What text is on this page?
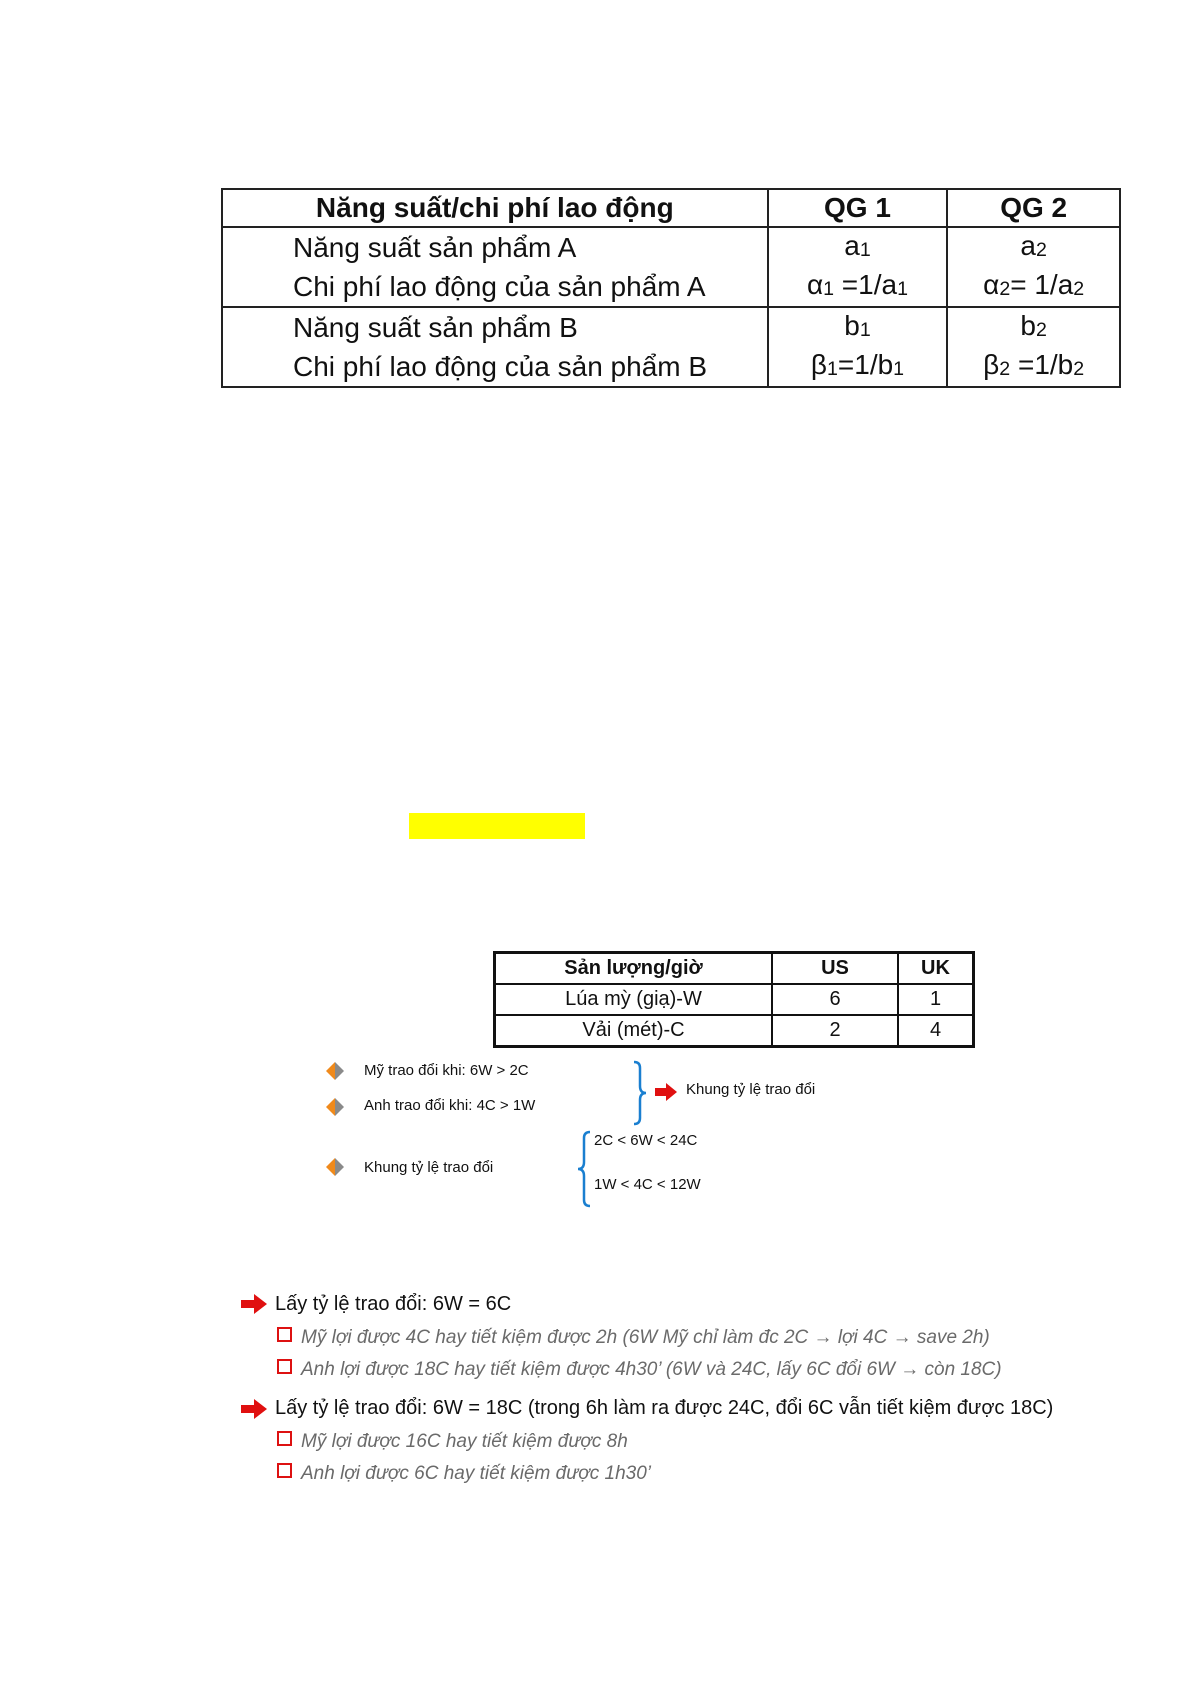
Năng suất/chi phí lao động	QG 1	QG 2
Năng suất sản phẩm A	$a_1$	$a_2$
Chi phí lao động của sản phẩm A	$\alpha_1 =1/a_1$	$\alpha_2= 1/a_2$
Năng suất sản phẩm B	$b_1$	$b_2$
Chi phí lao động của sản phẩm B	$\beta_1=1/b_1$	$\beta_2 =1/b_2$
Sản lượng/giờ	US	UK
Lúa mỳ (giạ)-W	6	1
Vải (mét)-C	2	4
Mỹ trao đổi khi: 6W > 2C
Anh trao đổi khi: 4C > 1W
Khung tỷ lệ trao đổi
Khung tỷ lệ trao đổi
2C < 6W < 24C
1W < 4C < 12W
Lấy tỷ lệ trao đổi: 6W = 6C
Mỹ lợi được 4C hay tiết kiệm được 2h (6W Mỹ chỉ làm đc 2C → lợi 4C → save 2h)
Anh lợi được 18C hay tiết kiệm được 4h30’ (6W và 24C, lấy 6C đổi 6W → còn 18C)
Lấy tỷ lệ trao đổi: 6W = 18C (trong 6h làm ra được 24C, đổi 6C vẫn tiết kiệm được 18C)
Mỹ lợi được 16C hay tiết kiệm được 8h
Anh lợi được 6C hay tiết kiệm được 1h30’
